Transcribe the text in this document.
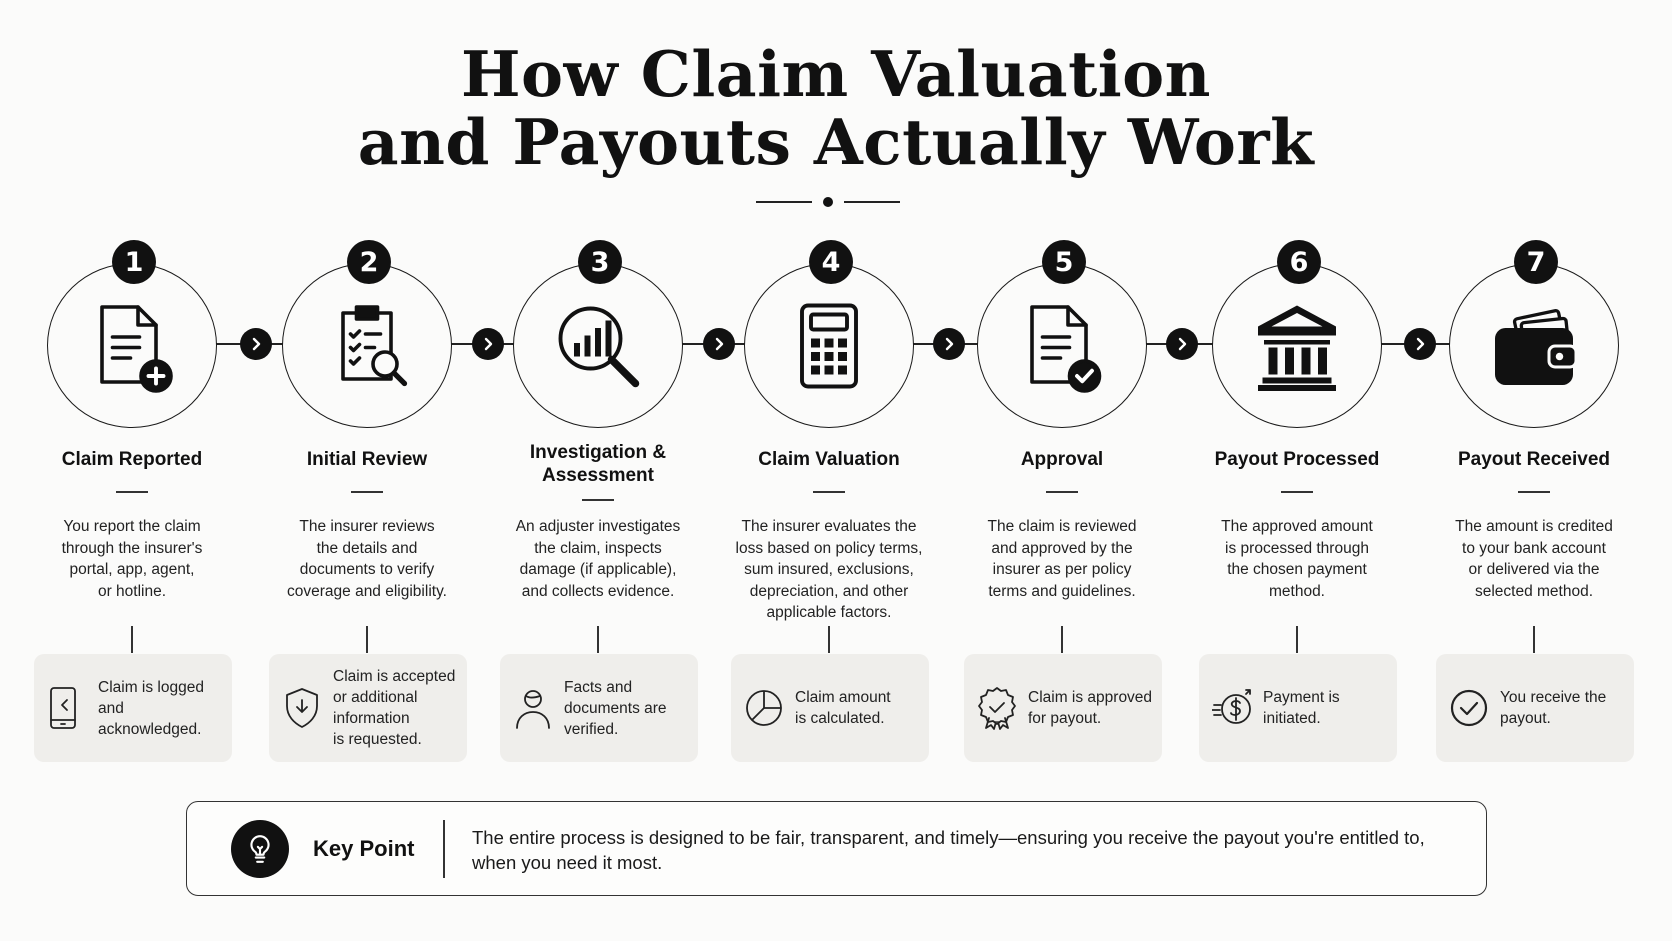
How Claim Valuation
and Payouts Actually Work
1
Claim Reported
You report the claim
through the insurer's
portal, app, agent,
or hotline.
Claim is logged
and acknowledged.
2
Initial Review
The insurer reviews
the details and
documents to verify
coverage and eligibility.
Claim is accepted
or additional
information
is requested.
3
Investigation & Assessment
An adjuster investigates
the claim, inspects
damage (if applicable),
and collects evidence.
Facts and
documents are
verified.
4
Claim Valuation
The insurer evaluates the
loss based on policy terms,
sum insured, exclusions,
depreciation, and other
applicable factors.
Claim amount
is calculated.
5
Approval
The claim is reviewed
and approved by the
insurer as per policy
terms and guidelines.
Claim is approved
for payout.
6
Payout Processed
The approved amount
is processed through
the chosen payment
method.
Payment is
initiated.
7
Payout Received
The amount is credited
to your bank account
or delivered via the
selected method.
You receive the
payout.
Key Point	The entire process is designed to be fair, transparent, and timely—ensuring you receive the payout you're entitled to,
when you need it most.
